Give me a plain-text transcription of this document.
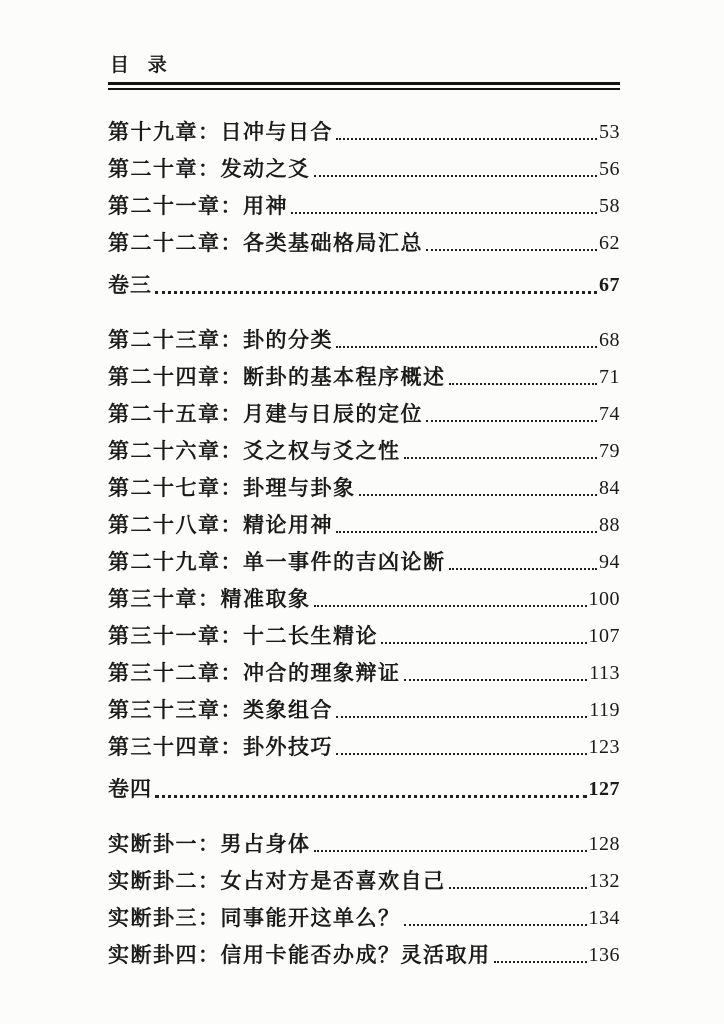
目 录
第十九章：日冲与日合	53
第二十章：发动之爻	56
第二十一章：用神	58
第二十二章：各类基础格局汇总	62
卷三	67
第二十三章：卦的分类	68
第二十四章：断卦的基本程序概述	71
第二十五章：月建与日辰的定位	74
第二十六章：爻之权与爻之性	79
第二十七章：卦理与卦象	84
第二十八章：精论用神	88
第二十九章：单一事件的吉凶论断	94
第三十章：精准取象	100
第三十一章：十二长生精论	107
第三十二章：冲合的理象辩证	113
第三十三章：类象组合	119
第三十四章：卦外技巧	123
卷四	127
实断卦一：男占身体	128
实断卦二：女占对方是否喜欢自己	132
实断卦三：同事能开这单么？	134
实断卦四：信用卡能否办成？灵活取用	136
